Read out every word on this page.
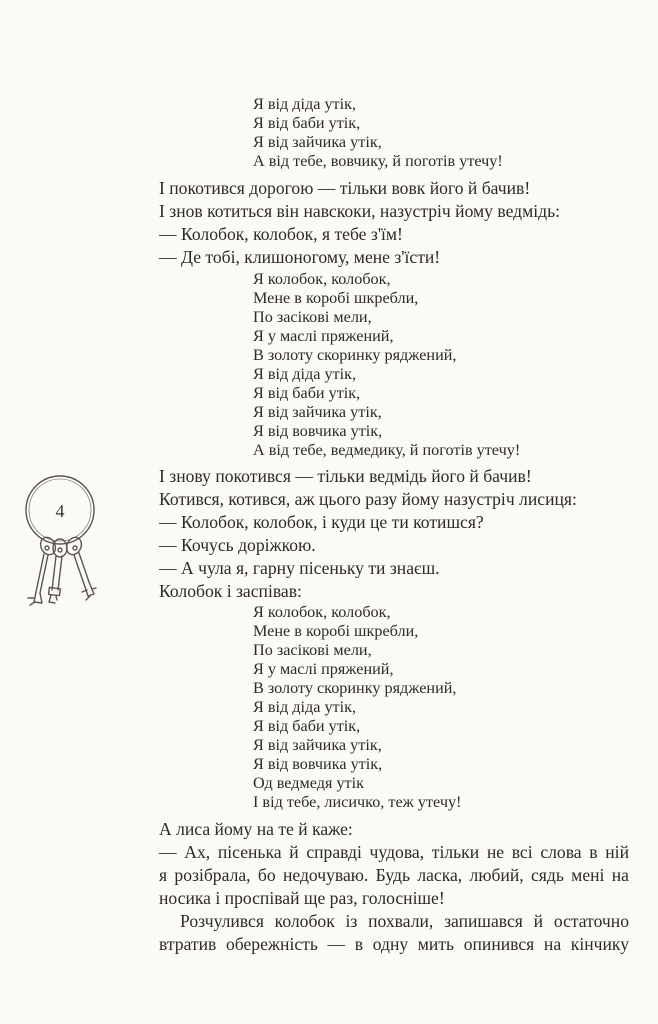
Я від діда утік,
Я від баби утік,
Я від зайчика утік,
А від тебе, вовчику, й поготів утечу!
І покотився дорогою — тільки вовк його й бачив!
І знов котиться він навскоки, назустріч йому ведмідь:
— Колобок, колобок, я тебе з'їм!
— Де тобі, клишоногому, мене з'їсти!
Я колобок, колобок,
Мене в коробі шкребли,
По засікові мели,
Я у маслі пряжений,
В золоту скоринку ряджений,
Я від діда утік,
Я від баби утік,
Я від зайчика утік,
Я від вовчика утік,
А від тебе, ведмедику, й поготів утечу!
І знову покотився — тільки ведмідь його й бачив!
Котився, котився, аж цього разу йому назустріч лисиця:
— Колобок, колобок, і куди це ти котишся?
— Кочусь доріжкою.
— А чула я, гарну пісеньку ти знаєш.
Колобок і заспівав:
Я колобок, колобок,
Мене в коробі шкребли,
По засікові мели,
Я у маслі пряжений,
В золоту скоринку ряджений,
Я від діда утік,
Я від баби утік,
Я від зайчика утік,
Я від вовчика утік,
Од ведмедя утік
І від тебе, лисичко, теж утечу!
А лиса йому на те й каже:
— Ах, пісенька й справді чудова, тільки не всі слова в ній
я розібрала, бо недочуваю. Будь ласка, любий, сядь мені на
носика і проспівай ще раз, голосніше!
Розчулився колобок із похвали, запишався й остаточно
втратив обережність — в одну мить опинився на кінчику
4
